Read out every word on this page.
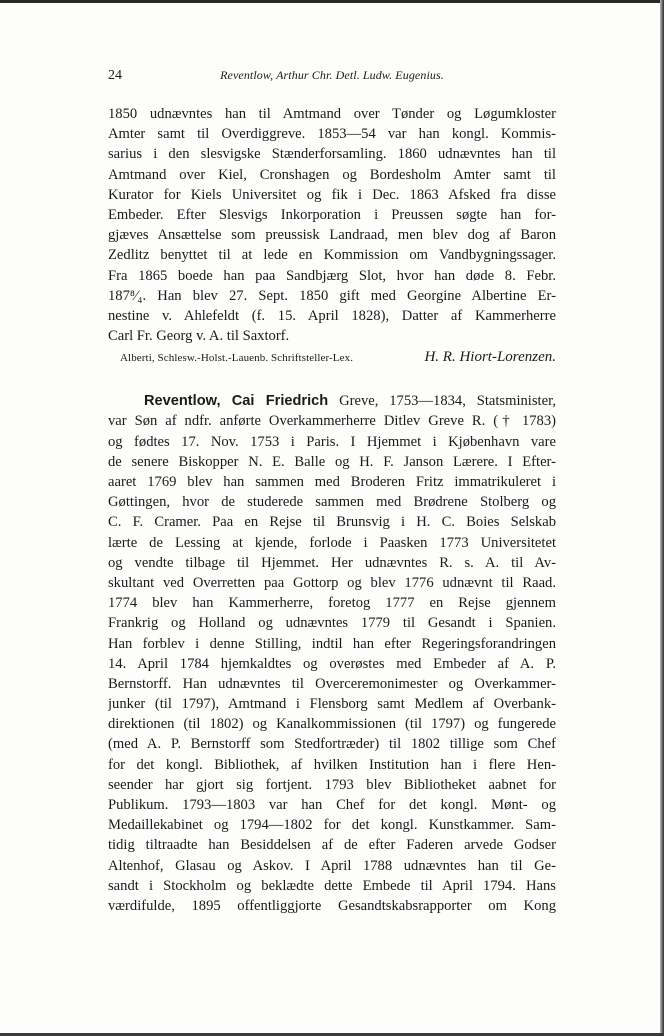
24	Reventlow, Arthur Chr. Detl. Ludw. Eugenius.
1850 udnævntes han til Amtmand over Tønder og Løgumkloster
Amter samt til Overdiggreve. 1853—54 var han kongl. Kommis-
sarius i den slesvigske Stænderforsamling. 1860 udnævntes han til
Amtmand over Kiel, Cronshagen og Bordesholm Amter samt til
Kurator for Kiels Universitet og fik i Dec. 1863 Afsked fra disse
Embeder. Efter Slesvigs Inkorporation i Preussen søgte han for-
gjæves Ansættelse som preussisk Landraad, men blev dog af Baron
Zedlitz benyttet til at lede en Kommission om Vandbygningssager.
Fra 1865 boede han paa Sandbjærg Slot, hvor han døde 8. Febr.
187⁸⁄₄. Han blev 27. Sept. 1850 gift med Georgine Albertine Er-
nestine v. Ahlefeldt (f. 15. April 1828), Datter af Kammerherre
Carl Fr. Georg v. A. til Saxtorf.
Alberti, Schlesw.-Holst.-Lauenb. Schriftsteller-Lex.	H. R. Hiort-Lorenzen.
Reventlow, Cai Friedrich Greve, 1753—1834, Statsminister,
var Søn af ndfr. anførte Overkammerherre Ditlev Greve R. († 1783)
og fødtes 17. Nov. 1753 i Paris. I Hjemmet i Kjøbenhavn vare
de senere Biskopper N. E. Balle og H. F. Janson Lærere. I Efter-
aaret 1769 blev han sammen med Broderen Fritz immatrikuleret i
Gøttingen, hvor de studerede sammen med Brødrene Stolberg og
C. F. Cramer. Paa en Rejse til Brunsvig i H. C. Boies Selskab
lærte de Lessing at kjende, forlode i Paasken 1773 Universitetet
og vendte tilbage til Hjemmet. Her udnævntes R. s. A. til Av-
skultant ved Overretten paa Gottorp og blev 1776 udnævnt til Raad.
1774 blev han Kammerherre, foretog 1777 en Rejse gjennem
Frankrig og Holland og udnævntes 1779 til Gesandt i Spanien.
Han forblev i denne Stilling, indtil han efter Regeringsforandringen
14. April 1784 hjemkaldtes og overøstes med Embeder af A. P.
Bernstorff. Han udnævntes til Overceremonimester og Overkammer-
junker (til 1797), Amtmand i Flensborg samt Medlem af Overbank-
direktionen (til 1802) og Kanalkommissionen (til 1797) og fungerede
(med A. P. Bernstorff som Stedfortræder) til 1802 tillige som Chef
for det kongl. Bibliothek, af hvilken Institution han i flere Hen-
seender har gjort sig fortjent. 1793 blev Bibliotheket aabnet for
Publikum. 1793—1803 var han Chef for det kongl. Mønt- og
Medaillekabinet og 1794—1802 for det kongl. Kunstkammer. Sam-
tidig tiltraadte han Besiddelsen af de efter Faderen arvede Godser
Altenhof, Glasau og Askov. I April 1788 udnævntes han til Ge-
sandt i Stockholm og beklædte dette Embede til April 1794. Hans
værdifulde, 1895 offentliggjorte Gesandtskabsrapporter om Kong
